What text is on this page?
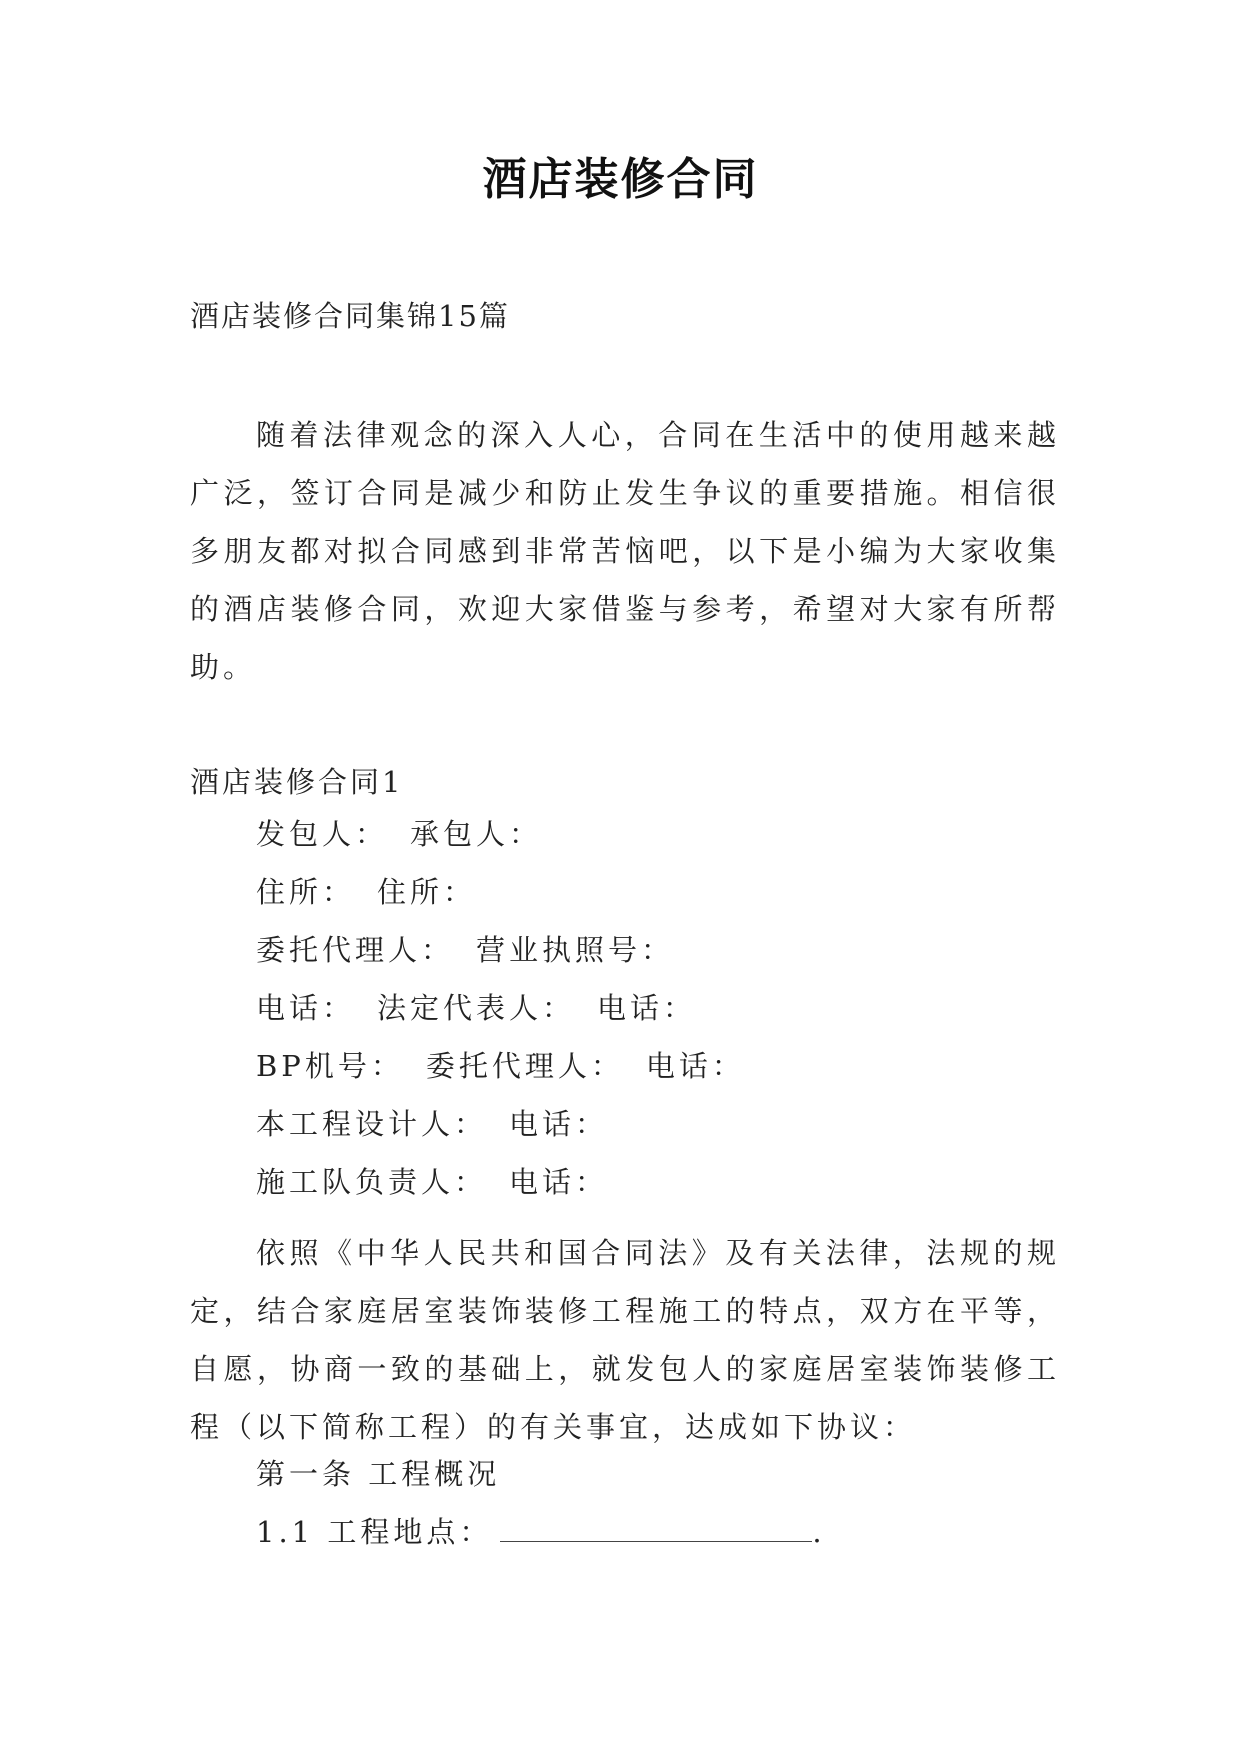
酒店装修合同
酒店装修合同集锦15篇

随着法律观念的深入人心，合同在生活中的使用越来越广泛，签订合同是减少和防止发生争议的重要措施。相信很多朋友都对拟合同感到非常苦恼吧，以下是小编为大家收集的酒店装修合同，欢迎大家借鉴与参考，希望对大家有所帮助。

酒店装修合同1
发包人： 承包人：
住所： 住所：
委托代理人： 营业执照号：
电话： 法定代表人： 电话：
BP机号： 委托代理人： 电话：
本工程设计人： 电话：
施工队负责人： 电话：

依照《中华人民共和国合同法》及有关法律，法规的规定，结合家庭居室装饰装修工程施工的特点，双方在平等，自愿，协商一致的基础上，就发包人的家庭居室装饰装修工程（以下简称工程）的有关事宜，达成如下协议：

第一条 工程概况
1.1 工程地点：	.
